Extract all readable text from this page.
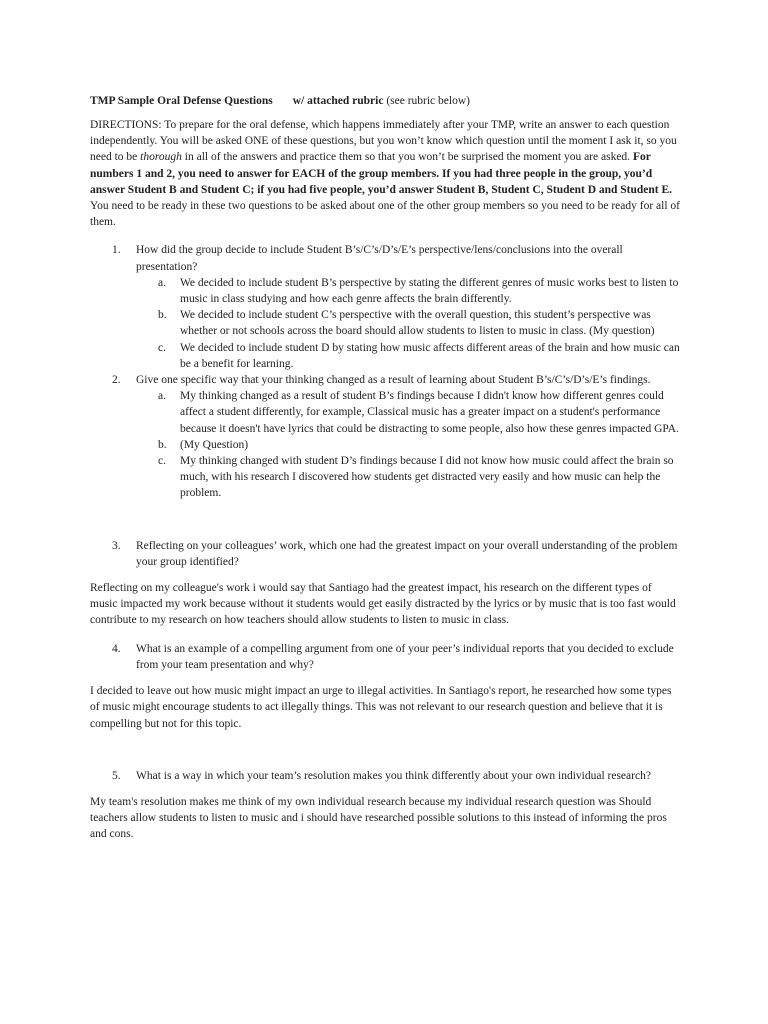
TMP Sample Oral Defense Questions w/ attached rubric (see rubric below)
DIRECTIONS: To prepare for the oral defense, which happens immediately after your TMP, write an answer to each question independently. You will be asked ONE of these questions, but you won’t know which question until the moment I ask it, so you need to be thorough in all of the answers and practice them so that you won’t be surprised the moment you are asked. For numbers 1 and 2, you need to answer for EACH of the group members. If you had three people in the group, you’d answer Student B and Student C; if you had five people, you’d answer Student B, Student C, Student D and Student E. You need to be ready in these two questions to be asked about one of the other group members so you need to be ready for all of them.
1. How did the group decide to include Student B’s/C’s/D’s/E’s perspective/lens/conclusions into the overall presentation?
a. We decided to include student B’s perspective by stating the different genres of music works best to listen to music in class studying and how each genre affects the brain differently.
b. We decided to include student C’s perspective with the overall question, this student’s perspective was whether or not schools across the board should allow students to listen to music in class. (My question)
c. We decided to include student D by stating how music affects different areas of the brain and how music can be a benefit for learning.
2. Give one specific way that your thinking changed as a result of learning about Student B’s/C’s/D’s/E’s findings.
a. My thinking changed as a result of student B’s findings because I didn't know how different genres could affect a student differently, for example, Classical music has a greater impact on a student's performance because it doesn't have lyrics that could be distracting to some people, also how these genres impacted GPA.
b. (My Question)
c. My thinking changed with student D’s findings because I did not know how music could affect the brain so much, with his research I discovered how students get distracted very easily and how music can help the problem.
3. Reflecting on your colleagues’ work, which one had the greatest impact on your overall understanding of the problem your group identified?
Reflecting on my colleague's work i would say that Santiago had the greatest impact, his research on the different types of music impacted my work because without it students would get easily distracted by the lyrics or by music that is too fast would contribute to my research on how teachers should allow students to listen to music in class.
4. What is an example of a compelling argument from one of your peer’s individual reports that you decided to exclude from your team presentation and why?
I decided to leave out how music might impact an urge to illegal activities. In Santiago's report, he researched how some types of music might encourage students to act illegally things. This was not relevant to our research question and believe that it is compelling but not for this topic.
5. What is a way in which your team’s resolution makes you think differently about your own individual research?
My team's resolution makes me think of my own individual research because my individual research question was Should teachers allow students to listen to music and i should have researched possible solutions to this instead of informing the pros and cons.
